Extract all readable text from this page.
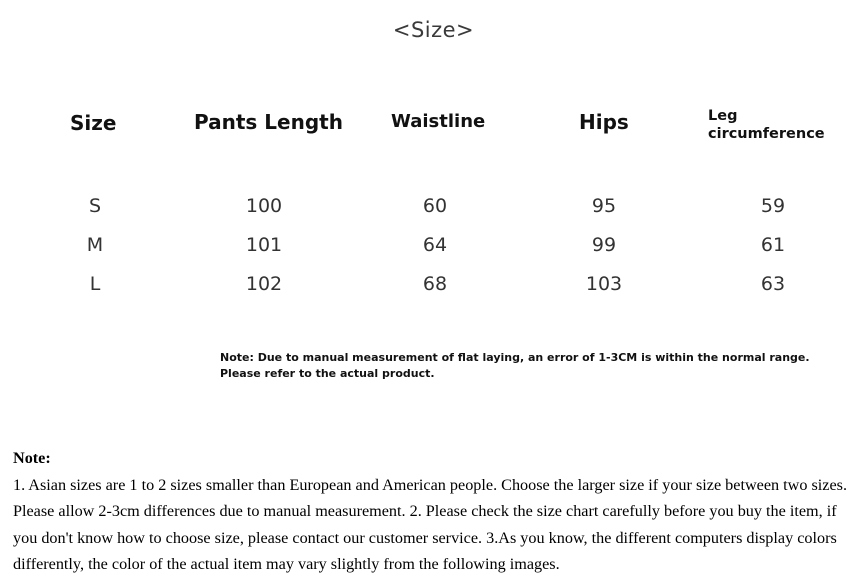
<Size>
Size	Pants Length	Waistline	Hips	Leg
circumference
S	100	60	95	59
M	101	64	99	61
L	102	68	103	63
Note: Due to manual measurement of flat laying, an error of 1-3CM is within the normal range.
Please refer to the actual product.
Note:
1. Asian sizes are 1 to 2 sizes smaller than European and American people. Choose the larger size if your size between two sizes. Please allow 2-3cm differences due to manual measurement. 2. Please check the size chart carefully before you buy the item, if you don't know how to choose size, please contact our customer service. 3.As you know, the different computers display colors differently, the color of the actual item may vary slightly from the following images.
